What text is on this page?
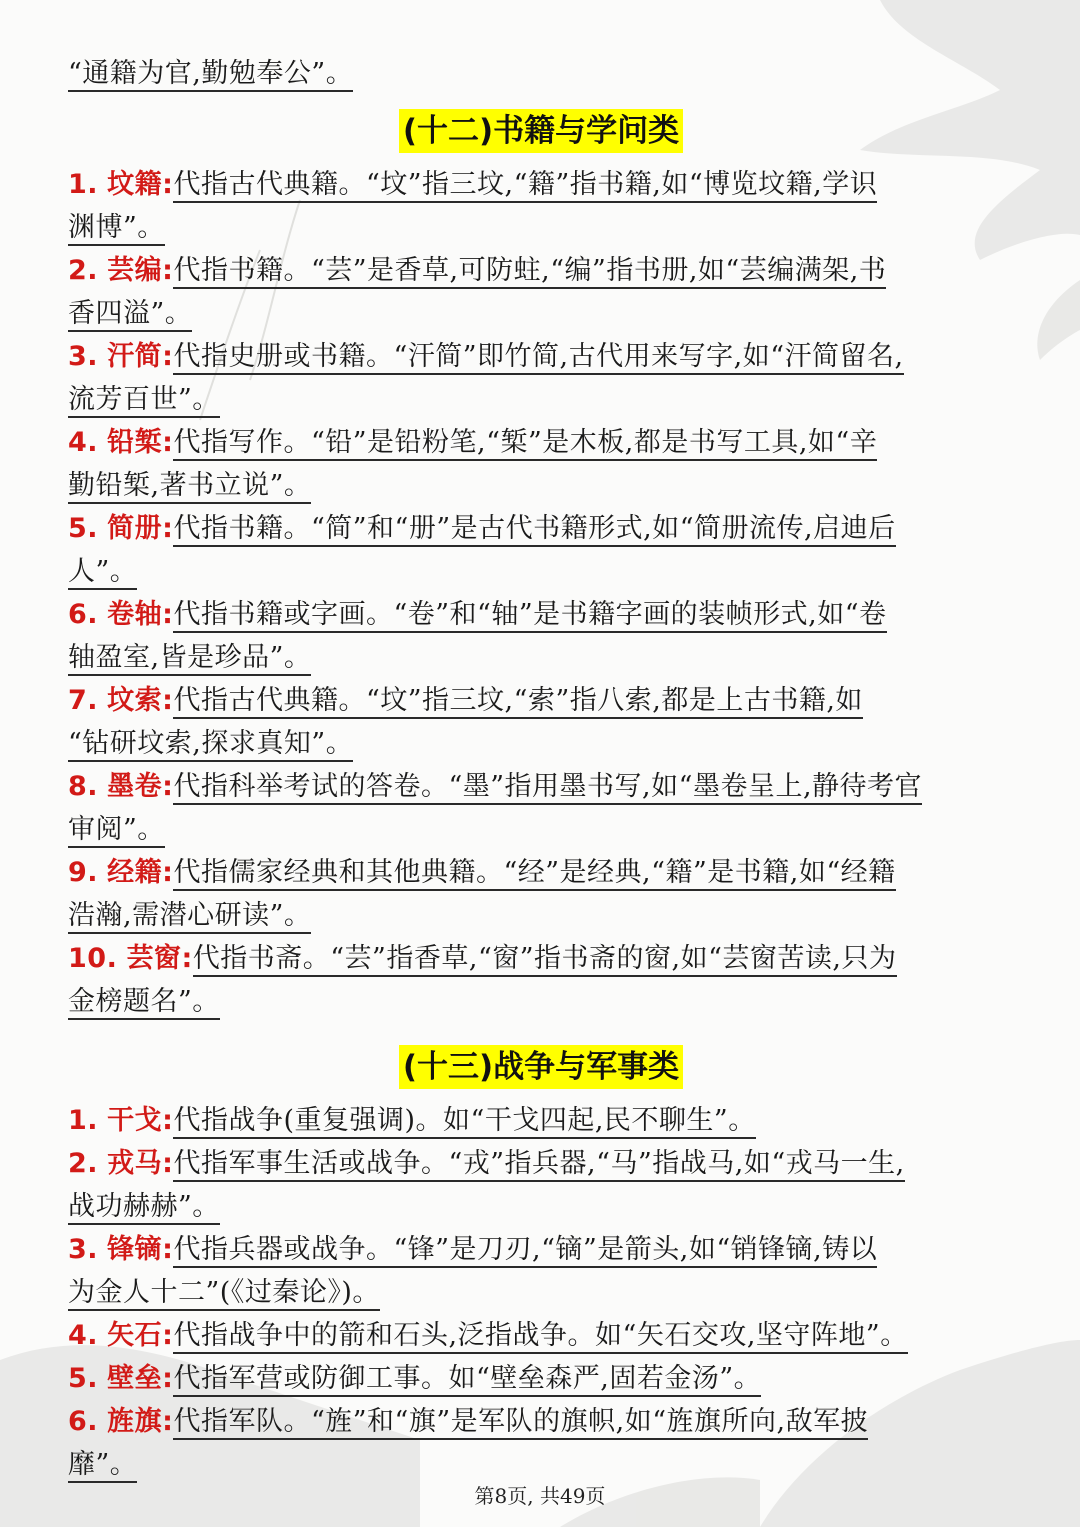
“通籍为官,勤勉奉公”。
(十二)书籍与学问类
1. 坟籍:代指古代典籍。“坟”指三坟,“籍”指书籍,如“博览坟籍,学识
渊博”。
2. 芸编:代指书籍。“芸”是香草,可防蛀,“编”指书册,如“芸编满架,书
香四溢”。
3. 汗简:代指史册或书籍。“汗简”即竹简,古代用来写字,如“汗简留名,
流芳百世”。
4. 铅椠:代指写作。“铅”是铅粉笔,“椠”是木板,都是书写工具,如“辛
勤铅椠,著书立说”。
5. 简册:代指书籍。“简”和“册”是古代书籍形式,如“简册流传,启迪后
人”。
6. 卷轴:代指书籍或字画。“卷”和“轴”是书籍字画的装帧形式,如“卷
轴盈室,皆是珍品”。
7. 坟索:代指古代典籍。“坟”指三坟,“索”指八索,都是上古书籍,如
“钻研坟索,探求真知”。
8. 墨卷:代指科举考试的答卷。“墨”指用墨书写,如“墨卷呈上,静待考官
审阅”。
9. 经籍:代指儒家经典和其他典籍。“经”是经典,“籍”是书籍,如“经籍
浩瀚,需潜心研读”。
10. 芸窗:代指书斋。“芸”指香草,“窗”指书斋的窗,如“芸窗苦读,只为
金榜题名”。
(十三)战争与军事类
1. 干戈:代指战争(重复强调)。如“干戈四起,民不聊生”。
2. 戎马:代指军事生活或战争。“戎”指兵器,“马”指战马,如“戎马一生,
战功赫赫”。
3. 锋镝:代指兵器或战争。“锋”是刀刃,“镝”是箭头,如“销锋镝,铸以
为金人十二”(《过秦论》)。
4. 矢石:代指战争中的箭和石头,泛指战争。如“矢石交攻,坚守阵地”。
5. 壁垒:代指军营或防御工事。如“壁垒森严,固若金汤”。
6. 旌旗:代指军队。“旌”和“旗”是军队的旗帜,如“旌旗所向,敌军披
靡”。
第8页, 共49页
